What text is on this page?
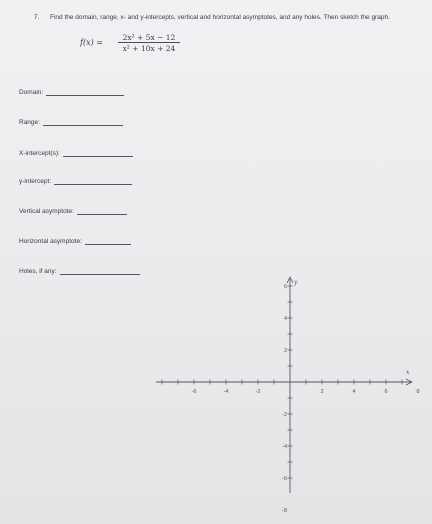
7. Find the domain, range, x- and y-intercepts, vertical and horizontal asymptotes, and any holes. Then sketch the graph.
f(x) =
2x² + 5x − 12
x² + 10x + 24
Domain:
Range:
X-intercept(s):
y-intercept:
Vertical asymptote:
Horizontal asymptote:
Holes, if any:
x
y
-6	-4	-2	2	4	6	8
6
4
2
-2
-4
-6
-8
